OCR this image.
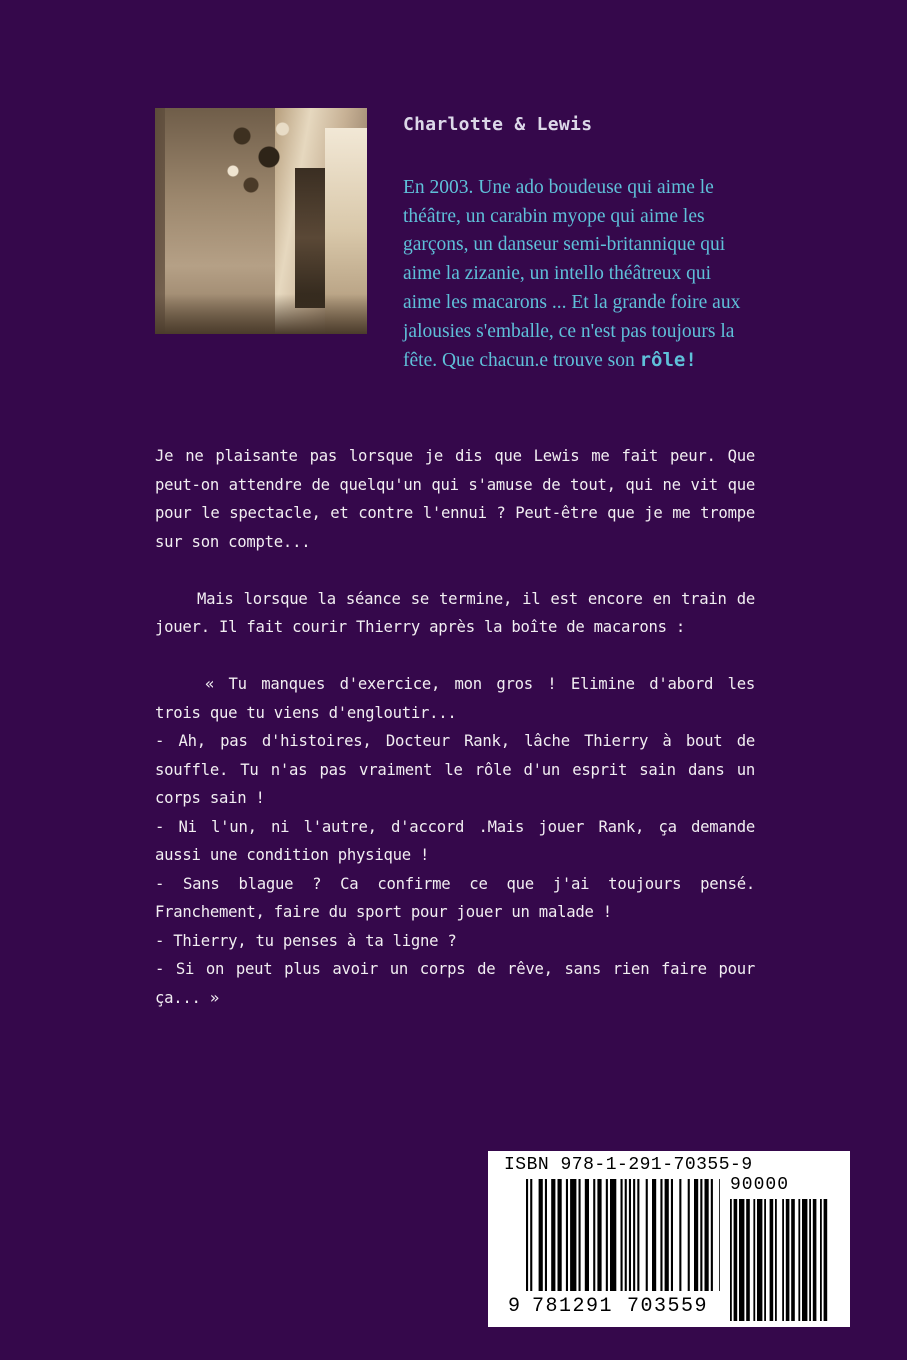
Charlotte & Lewis

En 2003. Une ado boudeuse qui aime le théâtre, un carabin myope qui aime les garçons, un danseur semi-britannique qui aime la zizanie, un intello théâtreux qui aime les macarons ... Et la grande foire aux jalousies s'emballe, ce n'est pas toujours la fête. Que chacun.e trouve son rôle!

Je ne plaisante pas lorsque je dis que Lewis me fait peur. Que peut-on attendre de quelqu'un qui s'amuse de tout, qui ne vit que pour le spectacle, et contre l'ennui ? Peut-être que je me trompe sur son compte...

Mais lorsque la séance se termine, il est encore en train de jouer. Il fait courir Thierry après la boîte de macarons :

« Tu manques d'exercice, mon gros ! Elimine d'abord les trois que tu viens d'engloutir...

- Ah, pas d'histoires, Docteur Rank, lâche Thierry à bout de souffle. Tu n'as pas vraiment le rôle d'un esprit sain dans un corps sain !

- Ni l'un, ni l'autre, d'accord .Mais jouer Rank, ça demande aussi une condition physique !

- Sans blague ? Ca confirme ce que j'ai toujours pensé. Franchement, faire du sport pour jouer un malade !

- Thierry, tu penses à ta ligne ?

- Si on peut plus avoir un corps de rêve, sans rien faire pour ça... »

ISBN 978-1-291-70355-9

90000

9 781291 703559
